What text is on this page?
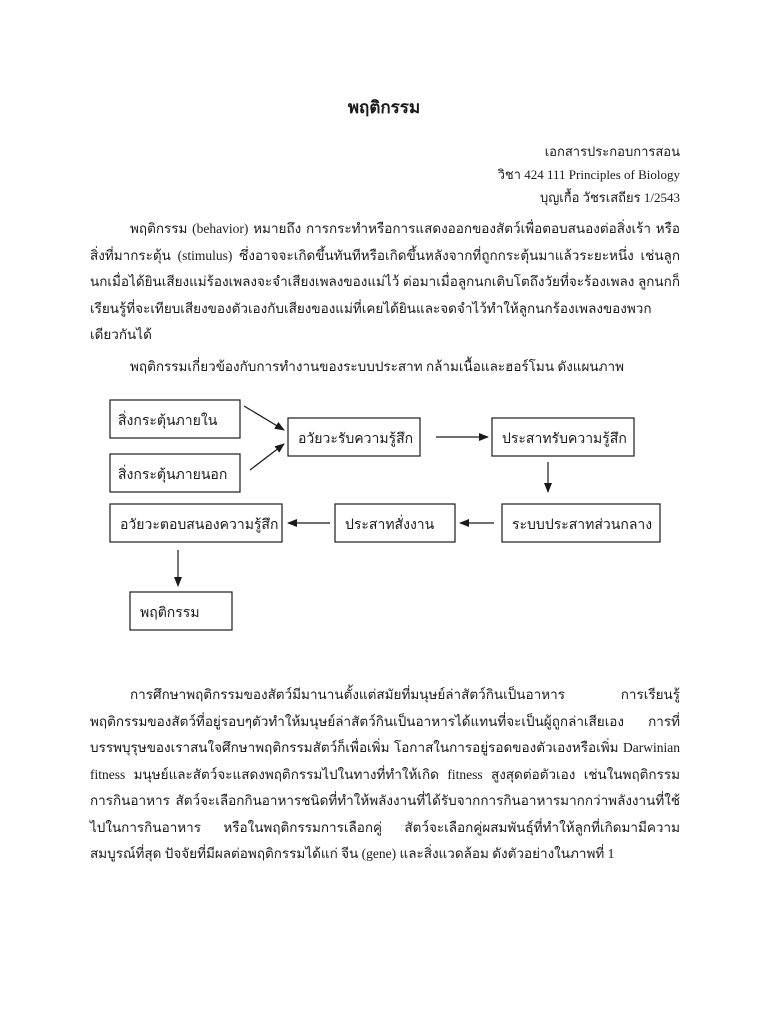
พฤติกรรม
เอกสารประกอบการสอน
วิชา 424 111 Principles of Biology
บุญเกื้อ วัชรเสถียร 1/2543
พฤติกรรม (behavior) หมายถึง การกระทำหรือการแสดงออกของสัตว์เพื่อตอบสนองต่อสิ่งเร้า หรือสิ่งที่มากระตุ้น (stimulus) ซึ่งอาจจะเกิดขึ้นทันทีหรือเกิดขึ้นหลังจากที่ถูกกระตุ้นมาแล้วระยะหนึ่ง เช่นลูกนกเมื่อได้ยินเสียงแม่ร้องเพลงจะจำเสียงเพลงของแม่ไว้ ต่อมาเมื่อลูกนกเติบโตถึงวัยที่จะร้องเพลง ลูกนกก็เรียนรู้ที่จะเทียบเสียงของตัวเองกับเสียงของแม่ที่เคยได้ยินและจดจำไว้ทำให้ลูกนกร้องเพลงของพวกเดียวกันได้
พฤติกรรมเกี่ยวข้องกับการทำงานของระบบประสาท กล้ามเนื้อและฮอร์โมน ดังแผนภาพ
สิ่งกระตุ้นภายใน
สิ่งกระตุ้นภายนอก
อวัยวะรับความรู้สึก	ประสาทรับความรู้สึก
ระบบประสาทส่วนกลาง
ประสาทสั่งงาน
อวัยวะตอบสนองความรู้สึก
พฤติกรรม
การศึกษาพฤติกรรมของสัตว์มีมานานตั้งแต่สมัยที่มนุษย์ล่าสัตว์กินเป็นอาหาร การเรียนรู้พฤติกรรมของสัตว์ที่อยู่รอบๆตัวทำให้มนุษย์ล่าสัตว์กินเป็นอาหารได้แทนที่จะเป็นผู้ถูกล่าเสียเอง การที่บรรพบุรุษของเราสนใจศึกษาพฤติกรรมสัตว์ก็เพื่อเพิ่ม โอกาสในการอยู่รอดของตัวเองหรือเพิ่ม Darwinian fitness มนุษย์และสัตว์จะแสดงพฤติกรรมไปในทางที่ทำให้เกิด fitness สูงสุดต่อตัวเอง เช่นในพฤติกรรมการกินอาหาร สัตว์จะเลือกกินอาหารชนิดที่ทำให้พลังงานที่ได้รับจากการกินอาหารมากกว่าพลังงานที่ใช้ไปในการกินอาหาร หรือในพฤติกรรมการเลือกคู่ สัตว์จะเลือกคู่ผสมพันธุ์ที่ทำให้ลูกที่เกิดมามีความสมบูรณ์ที่สุด ปัจจัยที่มีผลต่อพฤติกรรมได้แก่ จีน (gene) และสิ่งแวดล้อม ดังตัวอย่างในภาพที่ 1
